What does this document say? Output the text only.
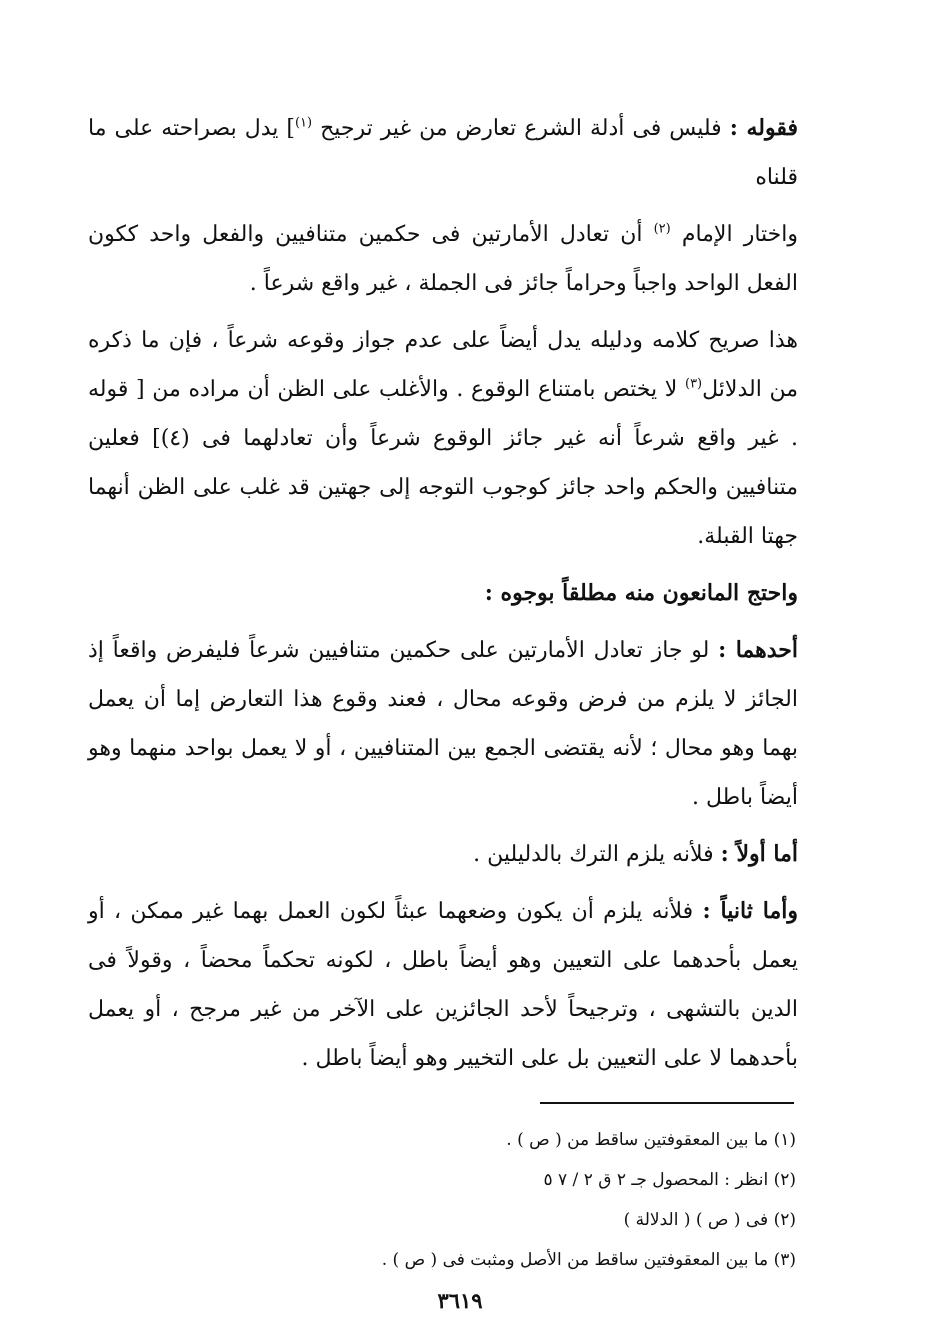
فقوله : فليس فى أدلة الشرع تعارض من غير ترجيح $^{(١)}$] يدل بصراحته على ما قلناه

واختار الإمام $^{(٢)}$ أن تعادل الأمارتين فى حكمين متنافيين والفعل واحد ككون الفعل الواحد واجباً وحراماً جائز فى الجملة ، غير واقع شرعاً .

هذا صريح كلامه ودليله يدل أيضاً على عدم جواز وقوعه شرعاً ، فإن ما ذكره من الدلائل$^{(٣)}$ لا يختص بامتناع الوقوع . والأغلب على الظن أن مراده من [ قوله . غير واقع شرعاً أنه غير جائز الوقوع شرعاً وأن تعادلهما فى (٤)] فعلين متنافيين والحكم واحد جائز كوجوب التوجه إلى جهتين قد غلب على الظن أنهما جهتا القبلة.

واحتج المانعون منه مطلقاً بوجوه :

أحدهما : لو جاز تعادل الأمارتين على حكمين متنافيين شرعاً فليفرض واقعاً إذ الجائز لا يلزم من فرض وقوعه محال ، فعند وقوع هذا التعارض إما أن يعمل بهما وهو محال ؛ لأنه يقتضى الجمع بين المتنافيين ، أو لا يعمل بواحد منهما وهو أيضاً باطل .

أما أولاً : فلأنه يلزم الترك بالدليلين .

وأما ثانياً : فلأنه يلزم أن يكون وضعهما عبثاً لكون العمل بهما غير ممكن ، أو يعمل بأحدهما على التعيين وهو أيضاً باطل ، لكونه تحكماً محضاً ، وقولاً فى الدين بالتشهى ، وترجيحاً لأحد الجائزين على الآخر من غير مرجح ، أو يعمل بأحدهما لا على التعيين بل على التخيير وهو أيضاً باطل .

(١) ما بين المعقوفتين ساقط من ( ص ) .

(٢) انظر : المحصول جـ ٢ ق ٢ / ٧ ٥

(٢) فى ( ص ) ( الدلالة )

(٣) ما بين المعقوفتين ساقط من الأصل ومثبت فى ( ص ) .

٣٦١٩
